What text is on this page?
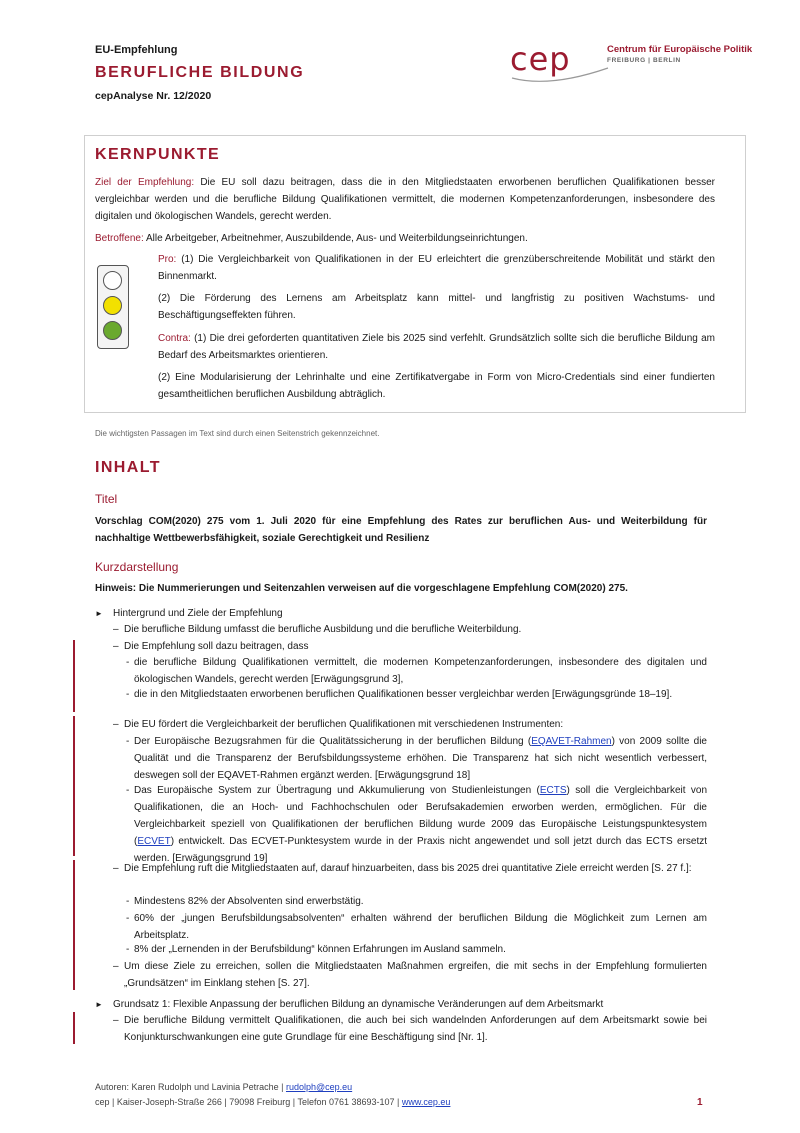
EU-Empfehlung
BERUFLICHE BILDUNG
cepAnalyse Nr. 12/2020
cep	Centrum für Europäische Politik
FREIBURG | BERLIN
KERNPUNKTE
Ziel der Empfehlung: Die EU soll dazu beitragen, dass die in den Mitgliedstaaten erworbenen beruflichen Qualifikationen besser vergleichbar werden und die berufliche Bildung Qualifikationen vermittelt, die modernen Kompetenzanforderungen, insbesondere des digitalen und ökologischen Wandels, gerecht werden.
Betroffene: Alle Arbeitgeber, Arbeitnehmer, Auszubildende, Aus- und Weiterbildungseinrichtungen.
Pro: (1) Die Vergleichbarkeit von Qualifikationen in der EU erleichtert die grenzüberschreitende Mobilität und stärkt den Binnenmarkt.
(2) Die Förderung des Lernens am Arbeitsplatz kann mittel- und langfristig zu positiven Wachstums- und Beschäftigungseffekten führen.
Contra: (1) Die drei geforderten quantitativen Ziele bis 2025 sind verfehlt. Grundsätzlich sollte sich die berufliche Bildung am Bedarf des Arbeitsmarktes orientieren.
(2) Eine Modularisierung der Lehrinhalte und eine Zertifikatvergabe in Form von Micro-Credentials sind einer fundierten gesamtheitlichen beruflichen Ausbildung abträglich.
Die wichtigsten Passagen im Text sind durch einen Seitenstrich gekennzeichnet.
INHALT
Titel
Vorschlag COM(2020) 275 vom 1. Juli 2020 für eine Empfehlung des Rates zur beruflichen Aus- und Weiterbildung für nachhaltige Wettbewerbsfähigkeit, soziale Gerechtigkeit und Resilienz
Kurzdarstellung
Hinweis: Die Nummerierungen und Seitenzahlen verweisen auf die vorgeschlagene Empfehlung COM(2020) 275.
► Hintergrund und Ziele der Empfehlung
– Die berufliche Bildung umfasst die berufliche Ausbildung und die berufliche Weiterbildung.
– Die Empfehlung soll dazu beitragen, dass
- die berufliche Bildung Qualifikationen vermittelt, die modernen Kompetenzanforderungen, insbesondere des digitalen und ökologischen Wandels, gerecht werden [Erwägungsgrund 3],
- die in den Mitgliedstaaten erworbenen beruflichen Qualifikationen besser vergleichbar werden [Erwägungsgründe 18–19].
– Die EU fördert die Vergleichbarkeit der beruflichen Qualifikationen mit verschiedenen Instrumenten:
- Der Europäische Bezugsrahmen für die Qualitätssicherung in der beruflichen Bildung (EQAVET-Rahmen) von 2009 sollte die Qualität und die Transparenz der Berufsbildungssysteme erhöhen. Die Transparenz hat sich nicht wesentlich verbessert, deswegen soll der EQAVET-Rahmen ergänzt werden. [Erwägungsgrund 18]
- Das Europäische System zur Übertragung und Akkumulierung von Studienleistungen (ECTS) soll die Vergleichbarkeit von Qualifikationen, die an Hoch- und Fachhochschulen oder Berufsakademien erworben werden, ermöglichen. Für die Vergleichbarkeit speziell von Qualifikationen der beruflichen Bildung wurde 2009 das Europäische Leistungspunktesystem (ECVET) entwickelt. Das ECVET-Punktesystem wurde in der Praxis nicht angewendet und soll jetzt durch das ECTS ersetzt werden. [Erwägungsgrund 19]
– Die Empfehlung ruft die Mitgliedstaaten auf, darauf hinzuarbeiten, dass bis 2025 drei quantitative Ziele erreicht werden [S. 27 f.]:
- Mindestens 82% der Absolventen sind erwerbstätig.
- 60% der „jungen Berufsbildungsabsolventen“ erhalten während der beruflichen Bildung die Möglichkeit zum Lernen am Arbeitsplatz.
- 8% der „Lernenden in der Berufsbildung“ können Erfahrungen im Ausland sammeln.
– Um diese Ziele zu erreichen, sollen die Mitgliedstaaten Maßnahmen ergreifen, die mit sechs in der Empfehlung formulierten „Grundsätzen“ im Einklang stehen [S. 27].
► Grundsatz 1: Flexible Anpassung der beruflichen Bildung an dynamische Veränderungen auf dem Arbeitsmarkt
– Die berufliche Bildung vermittelt Qualifikationen, die auch bei sich wandelnden Anforderungen auf dem Arbeitsmarkt sowie bei Konjunkturschwankungen eine gute Grundlage für eine Beschäftigung sind [Nr. 1].
Autoren: Karen Rudolph und Lavinia Petrache | rudolph@cep.eu
cep | Kaiser-Joseph-Straße 266 | 79098 Freiburg | Telefon 0761 38693-107 | www.cep.eu	1
